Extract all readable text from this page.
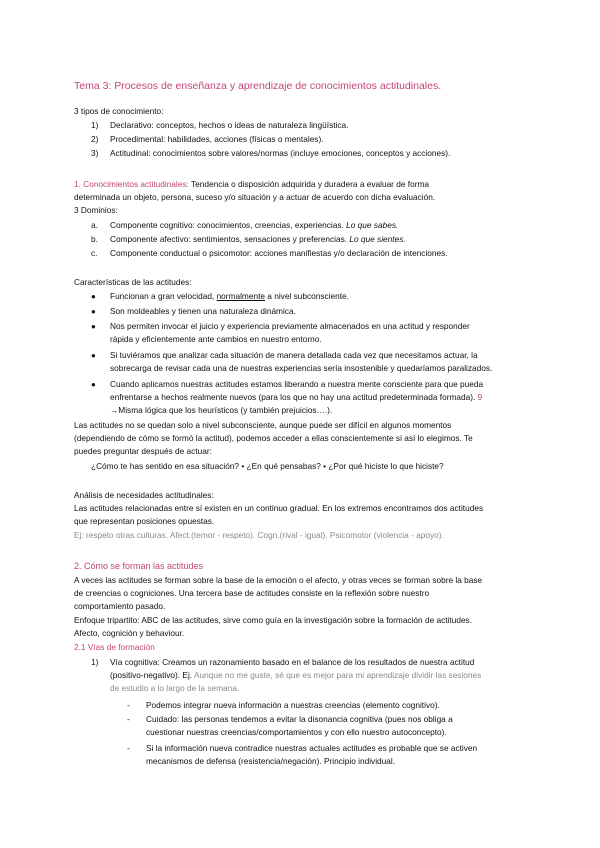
Tema 3: Procesos de enseñanza y aprendizaje de conocimientos actitudinales.
3 tipos de conocimiento:
1) Declarativo: conceptos, hechos o ideas de naturaleza lingüística.
2) Procedimental: habilidades, acciones (físicas o mentales).
3) Actitudinal: conocimientos sobre valores/normas (incluye emociones, conceptos y acciones).
1. Conocimientos actitudinales: Tendencia o disposición adquirida y duradera a evaluar de forma
determinada un objeto, persona, suceso y/o situación y a actuar de acuerdo con dicha evaluación.
3 Dominios:
a. Componente cognitivo: conocimientos, creencias, experiencias. Lo que sabes.
b. Componente afectivo: sentimientos, sensaciones y preferencias. Lo que sientes.
c. Componente conductual o psicomotor: acciones manifiestas y/o declaración de intenciones.
Características de las actitudes:
● Funcionan a gran velocidad, normalmente a nivel subconsciente.
● Son moldeables y tienen una naturaleza dinámica.
● Nos permiten invocar el juicio y experiencia previamente almacenados en una actitud y responder
rápida y eficientemente ante cambios en nuestro entorno.
● Si tuviéramos que analizar cada situación de manera detallada cada vez que necesitamos actuar, la
sobrecarga de revisar cada una de nuestras experiencias sería insostenible y quedaríamos paralizados.
● Cuando aplicamos nuestras actitudes estamos liberando a nuestra mente consciente para que pueda
enfrentarse a hechos realmente nuevos (para los que no hay una actitud predeterminada formada). 9
→Misma lógica que los heurísticos (y también prejuicios….).
Las actitudes no se quedan solo a nivel subconsciente, aunque puede ser difícil en algunos momentos
(dependiendo de cómo se formó la actitud), podemos acceder a ellas conscientemente si así lo elegimos. Te
puedes preguntar después de actuar:
¿Cómo te has sentido en esa situación? • ¿En qué pensabas? • ¿Por qué hiciste lo que hiciste?
Análisis de necesidades actitudinales:
Las actitudes relacionadas entre sí existen en un continuo gradual. En los extremos encontramos dos actitudes
que representan posiciones opuestas.
Ej: respeto otras culturas. Afect.(temor - respeto). Cogn.(rival - igual). Psicomotor (violencia - apoyo).
2. Cómo se forman las actitudes
A veces las actitudes se forman sobre la base de la emoción o el afecto, y otras veces se forman sobre la base
de creencias o cogniciones. Una tercera base de actitudes consiste en la reflexión sobre nuestro
comportamiento pasado.
Enfoque tripartito: ABC de las actitudes, sirve como guía en la investigación sobre la formación de actitudes.
Afecto, cognición y behaviour.
2.1 Vías de formación
1) Vía cognitiva: Creamos un razonamiento basado en el balance de los resultados de nuestra actitud
(positivo-negativo). Ej. Aunque no me guste, sé que es mejor para mi aprendizaje dividir las sesiones
de estudio a lo largo de la semana.
- Podemos integrar nueva información a nuestras creencias (elemento cognitivo).
- Cuidado: las personas tendemos a evitar la disonancia cognitiva (pues nos obliga a
cuestionar nuestras creencias/comportamientos y con ello nuestro autoconcepto).
- Si la información nueva contradice nuestras actuales actitudes es probable que se activen
mecanismos de defensa (resistencia/negación). Principio individual.
